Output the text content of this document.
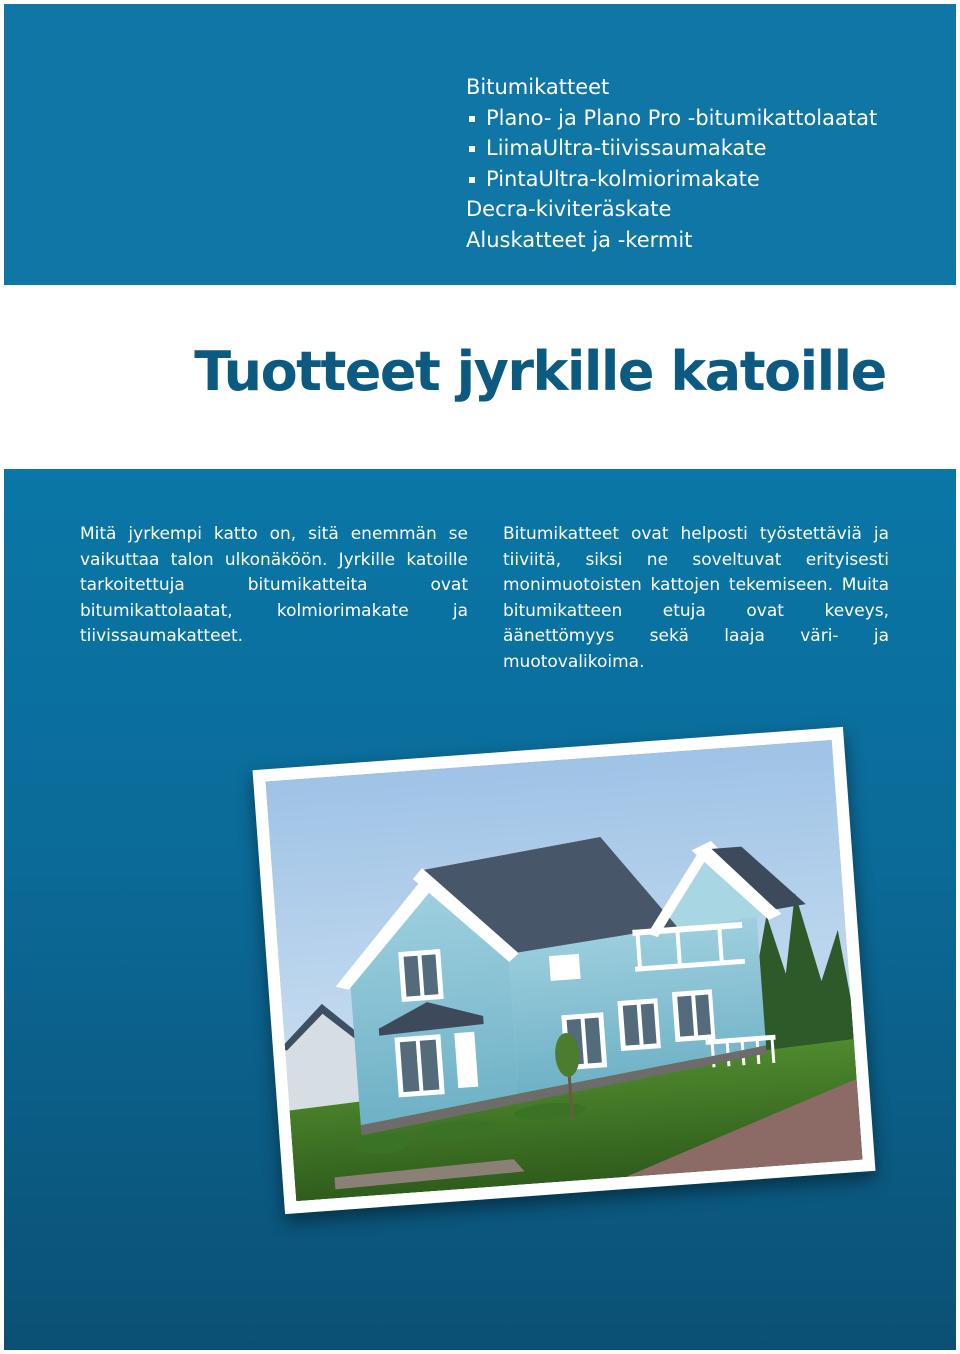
Bitumikatteet
Plano- ja Plano Pro -bitumikattolaatat
LiimaUltra-tiivissaumakate
PintaUltra-kolmiorimakate
Decra-kiviteräskate
Aluskatteet ja -kermit
Tuotteet jyrkille katoille

Mitä jyrkempi katto on, sitä enemmän se vaikuttaa talon ulkonäköön. Jyrkille katoille tarkoitettuja bitumikatteita ovat bitumikattolaatat, kolmiorimakate ja tiivissaumakatteet.

Bitumikatteet ovat helposti työstettäviä ja tiiviitä, siksi ne soveltuvat erityisesti monimuotoisten kattojen tekemiseen. Muita bitumikatteen etuja ovat keveys, äänettömyys sekä laaja väri- ja muotovalikoima.
